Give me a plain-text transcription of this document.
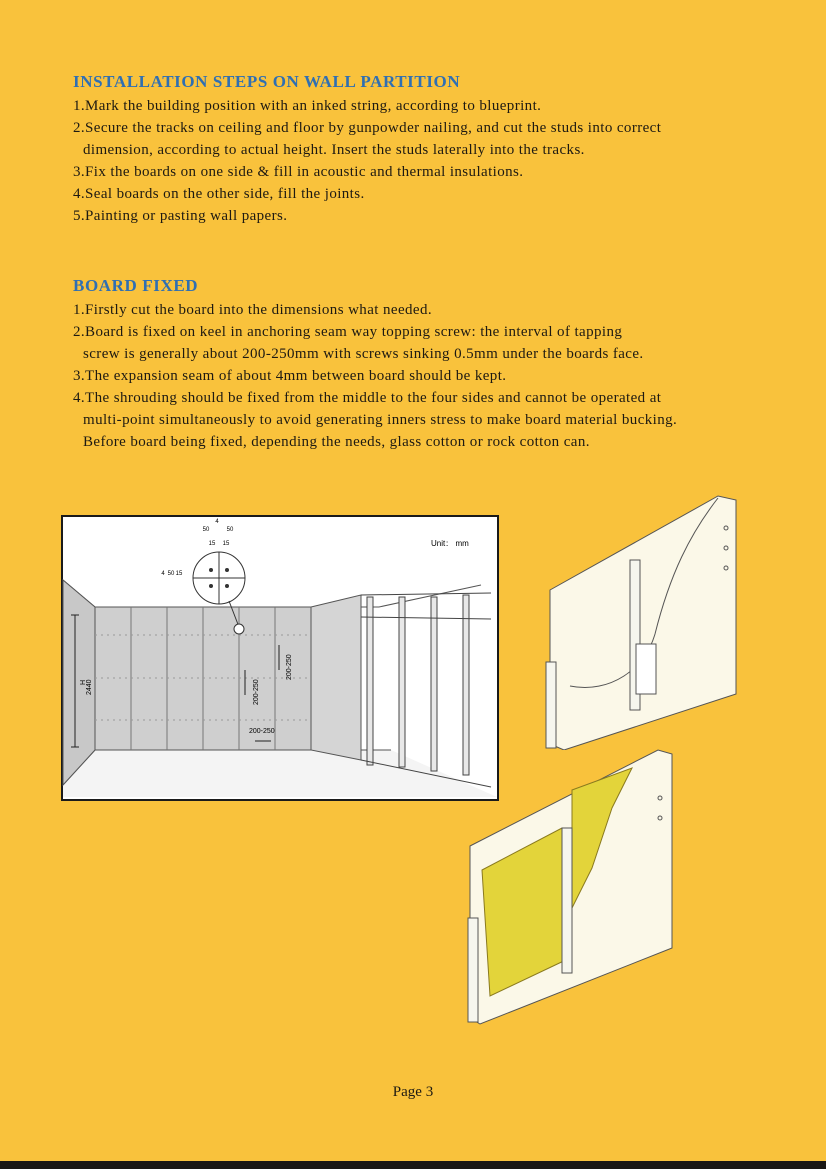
INSTALLATION STEPS ON WALL PARTITION
1.Mark the building position with an inked string, according to blueprint.
2.Secure the tracks on ceiling and floor by gunpowder nailing, and cut the studs into correct
dimension, according to actual height. Insert the studs laterally into the tracks.
3.Fix the boards on one side & fill in acoustic and thermal insulations.
4.Seal boards on the other side, fill the joints.
5.Painting or pasting wall papers.
BOARD FIXED
1.Firstly cut the board into the dimensions what needed.
2.Board is fixed on keel in anchoring seam way topping screw: the interval of tapping
screw is generally about 200-250mm with screws sinking 0.5mm under the boards face.
3.The expansion seam of about 4mm between board should be kept.
4.The shrouding should be fixed from the middle to the four sides and cannot be operated at
multi-point simultaneously to avoid generating inners stress to make board material bucking.
Before board being fixed, depending the needs, glass cotton or rock cotton can.
4
50	50
15 15
4 50 15
H 2440	200-250
200-250
200-250
Unit： mm
Page 3
